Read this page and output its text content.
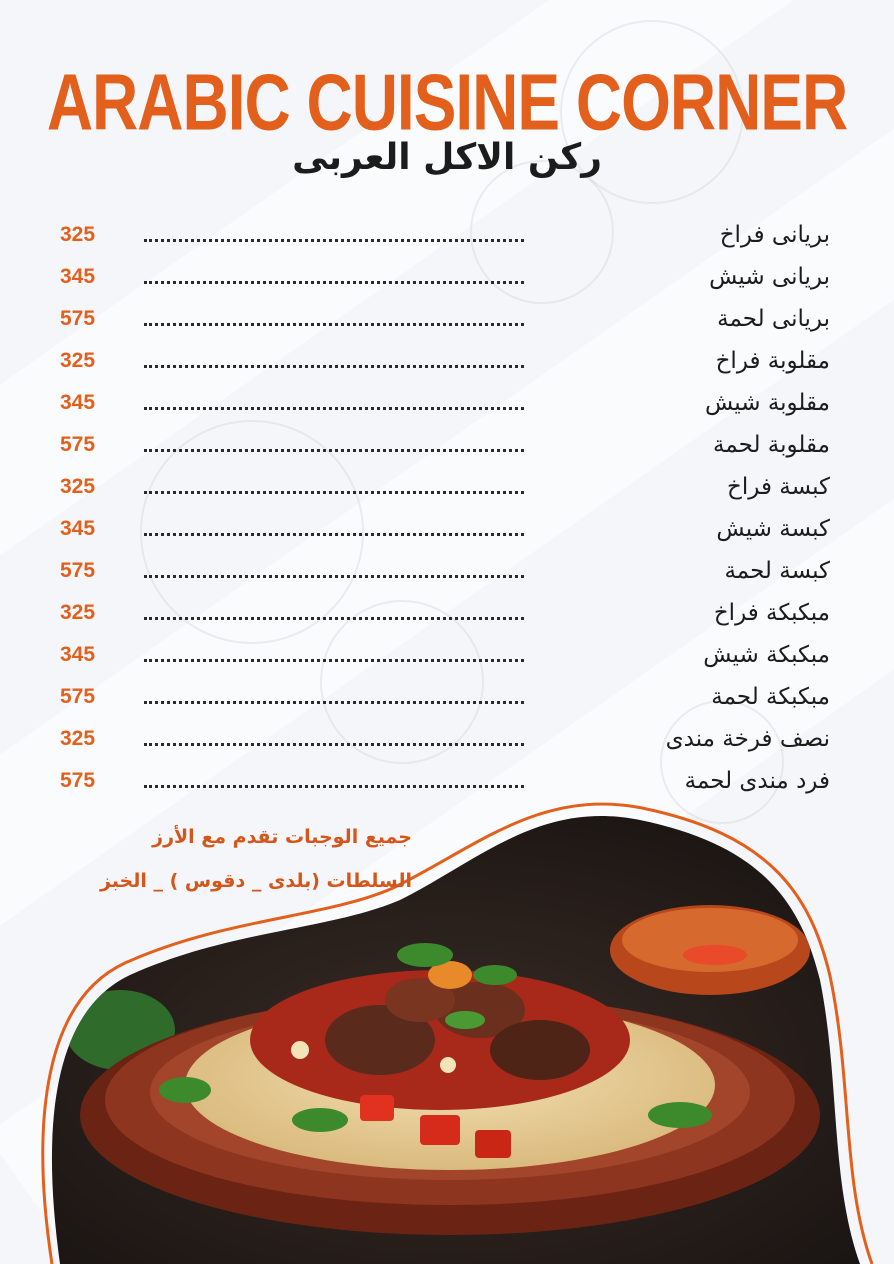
ARABIC CUISINE CORNER
ركن الاكل العربى
325	بريانى فراخ
345	بريانى شيش
575	بريانى لحمة
325	مقلوبة فراخ
345	مقلوبة شيش
575	مقلوبة لحمة
325	كبسة فراخ
345	كبسة شيش
575	كبسة لحمة
325	مبكبكة فراخ
345	مبكبكة شيش
575	مبكبكة لحمة
325	نصف فرخة مندى
575	فرد مندى لحمة
جميع الوجبات تقدم مع الأرز
السلطات (بلدى _ دقوس ) _ الخبز
